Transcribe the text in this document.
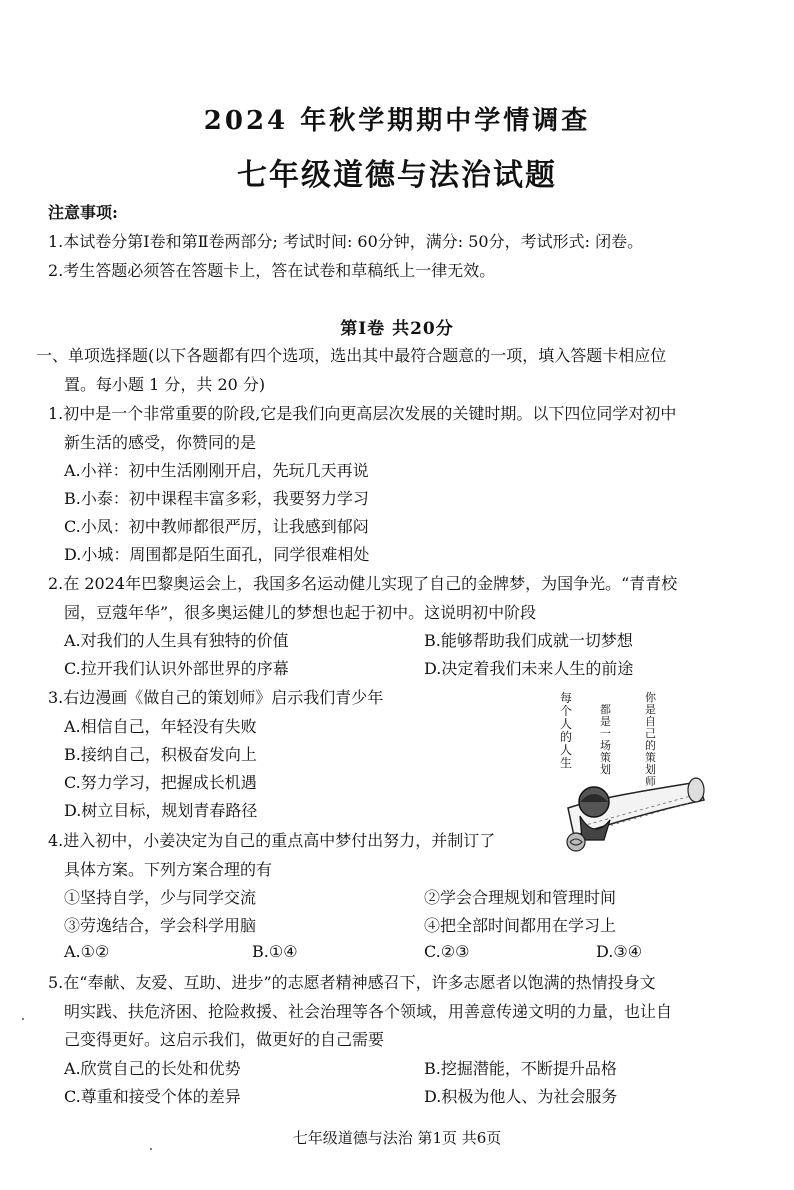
2024 年秋学期期中学情调查
七年级道德与法治试题
注意事项:
1.本试卷分第Ⅰ卷和第Ⅱ卷两部分; 考试时间: 60分钟，满分: 50分，考试形式: 闭卷。
2.考生答题必须答在答题卡上，答在试卷和草稿纸上一律无效。
第Ⅰ卷 共20分
一、单项选择题(以下各题都有四个选项，选出其中最符合题意的一项，填入答题卡相应位
置。每小题 1 分，共 20 分)
1.初中是一个非常重要的阶段,它是我们向更高层次发展的关键时期。以下四位同学对初中
新生活的感受，你赞同的是
A.小祥：初中生活刚刚开启，先玩几天再说
B.小泰：初中课程丰富多彩，我要努力学习
C.小凤：初中教师都很严厉，让我感到郁闷
D.小城：周围都是陌生面孔，同学很难相处
2.在 2024年巴黎奥运会上，我国多名运动健儿实现了自己的金牌梦，为国争光。“青青校
园，豆蔻年华”，很多奥运健儿的梦想也起于初中。这说明初中阶段
A.对我们的人生具有独特的价值	B.能够帮助我们成就一切梦想
C.拉开我们认识外部世界的序幕	D.决定着我们未来人生的前途
3.右边漫画《做自己的策划师》启示我们青少年
A.相信自己，年轻没有失败
B.接纳自己，积极奋发向上
C.努力学习，把握成长机遇
D.树立目标，规划青春路径
每个人的人生
都是一场策划
你是自己的策划师
4.进入初中，小姜决定为自己的重点高中梦付出努力，并制订了
具体方案。下列方案合理的有
①坚持自学，少与同学交流	②学会合理规划和管理时间
③劳逸结合，学会科学用脑	④把全部时间都用在学习上
A.①②	B.①④	C.②③	D.③④
5.在“奉献、友爱、互助、进步”的志愿者精神感召下，许多志愿者以饱满的热情投身文
明实践、扶危济困、抢险救援、社会治理等各个领域，用善意传递文明的力量，也让自
己变得更好。这启示我们，做更好的自己需要
A.欣赏自己的长处和优势	B.挖掘潜能，不断提升品格
C.尊重和接受个体的差异	D.积极为他人、为社会服务
七年级道德与法治 第1页 共6页
